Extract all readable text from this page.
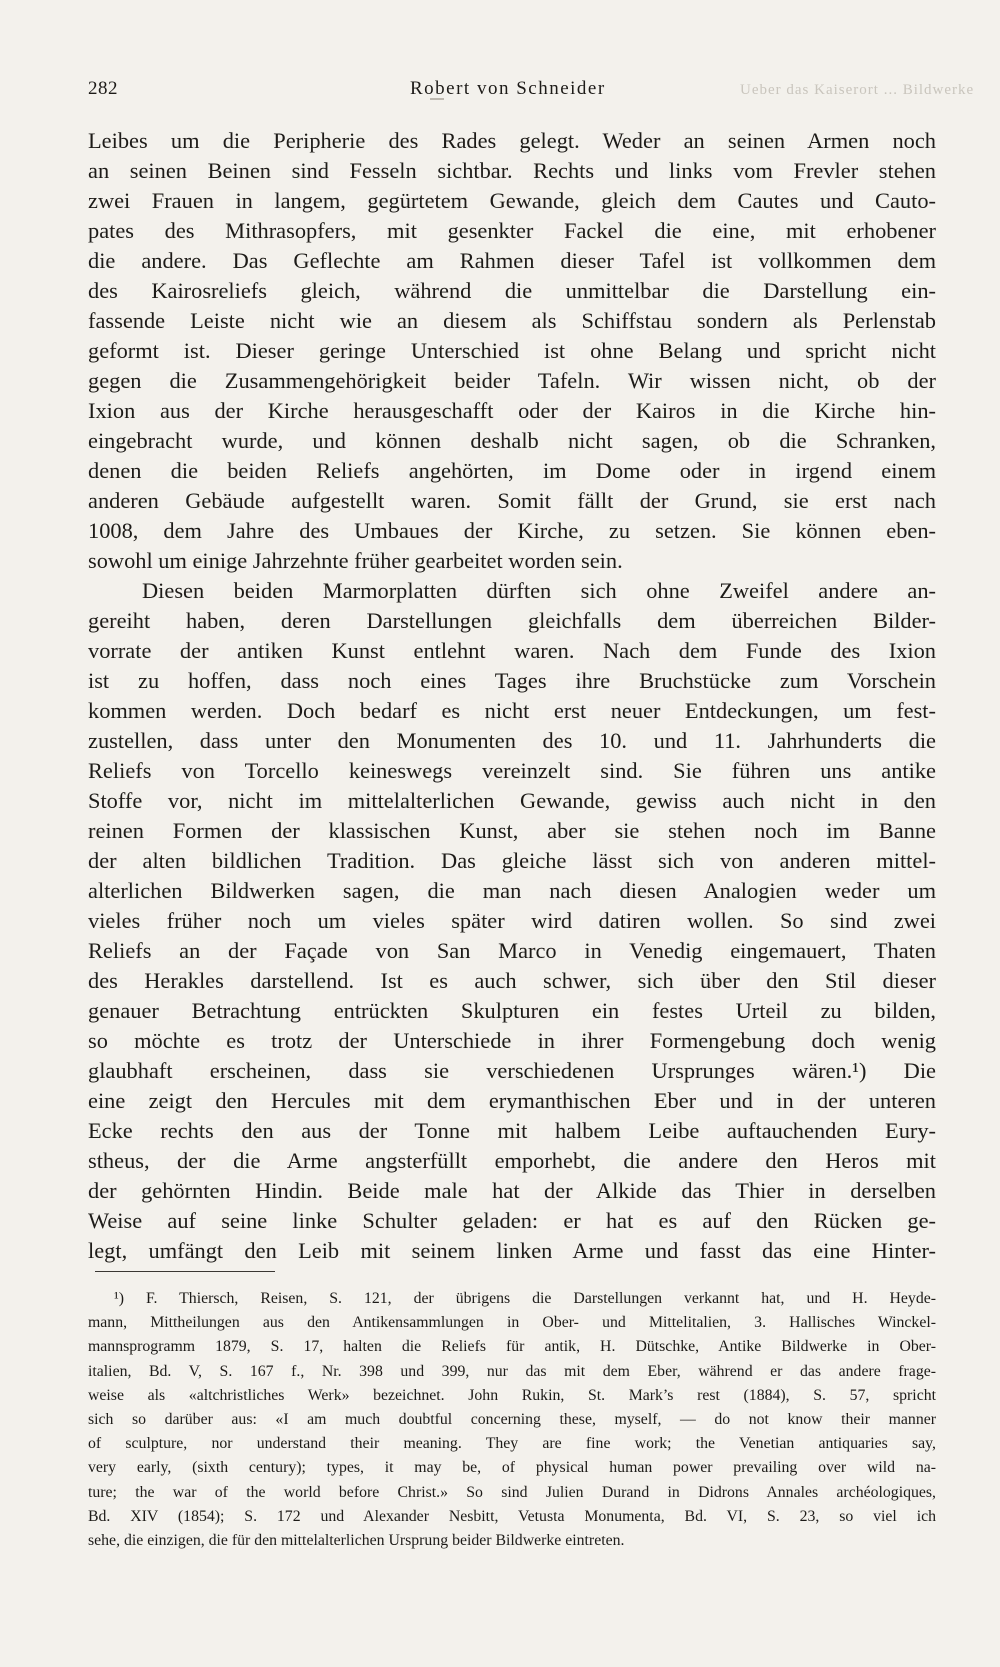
282	Robert von Schneider	Ueber das Kaiserort ... Bildwerke
Leibes um die Peripherie des Rades gelegt. Weder an seinen Armen noch
an seinen Beinen sind Fesseln sichtbar. Rechts und links vom Frevler stehen
zwei Frauen in langem, gegürtetem Gewande, gleich dem Cautes und Cauto-
pates des Mithrasopfers, mit gesenkter Fackel die eine, mit erhobener
die andere. Das Geflechte am Rahmen dieser Tafel ist vollkommen dem
des Kairosreliefs gleich, während die unmittelbar die Darstellung ein-
fassende Leiste nicht wie an diesem als Schiffstau sondern als Perlenstab
geformt ist. Dieser geringe Unterschied ist ohne Belang und spricht nicht
gegen die Zusammengehörigkeit beider Tafeln. Wir wissen nicht, ob der
Ixion aus der Kirche herausgeschafft oder der Kairos in die Kirche hin-
eingebracht wurde, und können deshalb nicht sagen, ob die Schranken,
denen die beiden Reliefs angehörten, im Dome oder in irgend einem
anderen Gebäude aufgestellt waren. Somit fällt der Grund, sie erst nach
1008, dem Jahre des Umbaues der Kirche, zu setzen. Sie können eben-
sowohl um einige Jahrzehnte früher gearbeitet worden sein.
Diesen beiden Marmorplatten dürften sich ohne Zweifel andere an-
gereiht haben, deren Darstellungen gleichfalls dem überreichen Bilder-
vorrate der antiken Kunst entlehnt waren. Nach dem Funde des Ixion
ist zu hoffen, dass noch eines Tages ihre Bruchstücke zum Vorschein
kommen werden. Doch bedarf es nicht erst neuer Entdeckungen, um fest-
zustellen, dass unter den Monumenten des 10. und 11. Jahrhunderts die
Reliefs von Torcello keineswegs vereinzelt sind. Sie führen uns antike
Stoffe vor, nicht im mittelalterlichen Gewande, gewiss auch nicht in den
reinen Formen der klassischen Kunst, aber sie stehen noch im Banne
der alten bildlichen Tradition. Das gleiche lässt sich von anderen mittel-
alterlichen Bildwerken sagen, die man nach diesen Analogien weder um
vieles früher noch um vieles später wird datiren wollen. So sind zwei
Reliefs an der Façade von San Marco in Venedig eingemauert, Thaten
des Herakles darstellend. Ist es auch schwer, sich über den Stil dieser
genauer Betrachtung entrückten Skulpturen ein festes Urteil zu bilden,
so möchte es trotz der Unterschiede in ihrer Formengebung doch wenig
glaubhaft erscheinen, dass sie verschiedenen Ursprunges wären.¹) Die
eine zeigt den Hercules mit dem erymanthischen Eber und in der unteren
Ecke rechts den aus der Tonne mit halbem Leibe auftauchenden Eury-
stheus, der die Arme angsterfüllt emporhebt, die andere den Heros mit
der gehörnten Hindin. Beide male hat der Alkide das Thier in derselben
Weise auf seine linke Schulter geladen: er hat es auf den Rücken ge-
legt, umfängt den Leib mit seinem linken Arme und fasst das eine Hinter-
¹) F. Thiersch, Reisen, S. 121, der übrigens die Darstellungen verkannt hat, und H. Heyde-
mann, Mittheilungen aus den Antikensammlungen in Ober- und Mittelitalien, 3. Hallisches Winckel-
mannsprogramm 1879, S. 17, halten die Reliefs für antik, H. Dütschke, Antike Bildwerke in Ober-
italien, Bd. V, S. 167 f., Nr. 398 und 399, nur das mit dem Eber, während er das andere frage-
weise als «altchristliches Werk» bezeichnet. John Rukin, St. Mark’s rest (1884), S. 57, spricht
sich so darüber aus: «I am much doubtful concerning these, myself, — do not know their manner
of sculpture, nor understand their meaning. They are fine work; the Venetian antiquaries say,
very early, (sixth century); types, it may be, of physical human power prevailing over wild na-
ture; the war of the world before Christ.» So sind Julien Durand in Didrons Annales archéologiques,
Bd. XIV (1854); S. 172 und Alexander Nesbitt, Vetusta Monumenta, Bd. VI, S. 23, so viel ich
sehe, die einzigen, die für den mittelalterlichen Ursprung beider Bildwerke eintreten.
